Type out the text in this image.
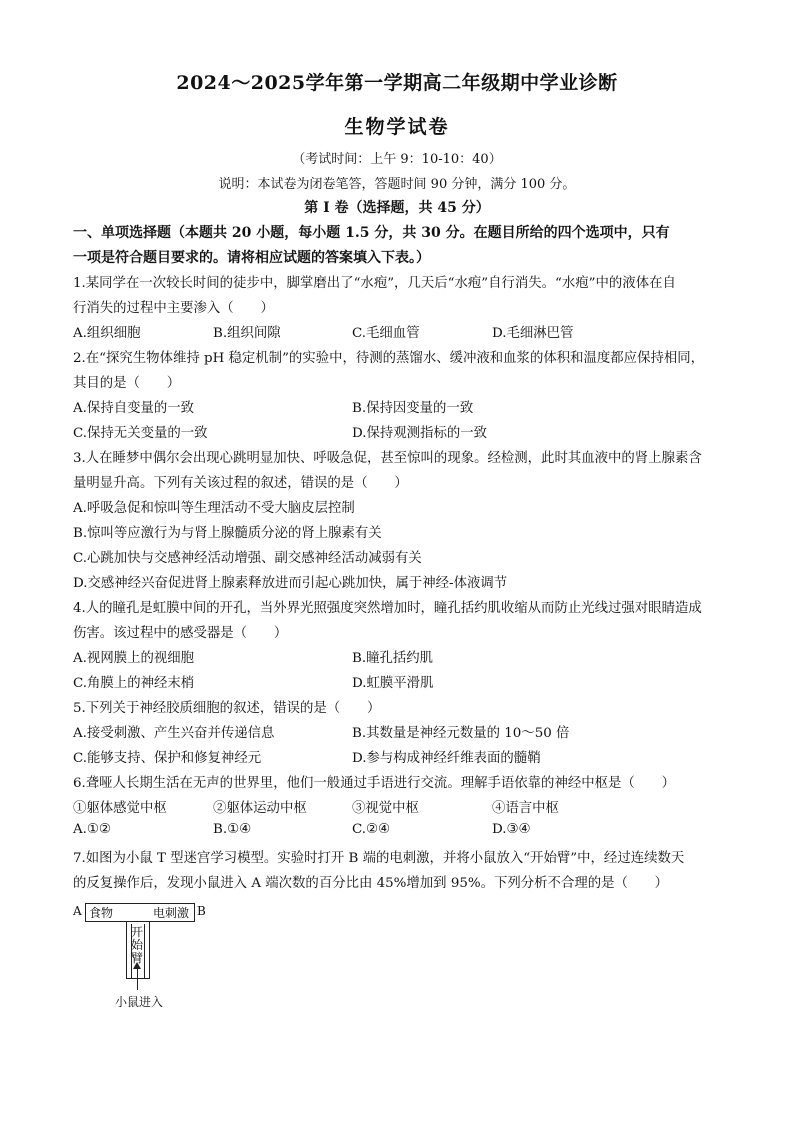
2024～2025学年第一学期高二年级期中学业诊断
生物学试卷
（考试时间：上午 9：10-10：40）
说明：本试卷为闭卷笔答，答题时间 90 分钟，满分 100 分。
第 I 卷（选择题，共 45 分）
一、单项选择题（本题共 20 小题，每小题 1.5 分，共 30 分。在题目所给的四个选项中，只有
一项是符合题目要求的。请将相应试题的答案填入下表。）
1.某同学在一次较长时间的徒步中，脚掌磨出了“水疱”，几天后“水疱”自行消失。“水疱”中的液体在自
行消失的过程中主要渗入（　　）
A.组织细胞	B.组织间隙	C.毛细血管	D.毛细淋巴管
2.在“探究生物体维持 pH 稳定机制”的实验中，待测的蒸馏水、缓冲液和血浆的体积和温度都应保持相同，
其目的是（　　）
A.保持自变量的一致	B.保持因变量的一致
C.保持无关变量的一致	D.保持观测指标的一致
3.人在睡梦中偶尔会出现心跳明显加快、呼吸急促，甚至惊叫的现象。经检测，此时其血液中的肾上腺素含
量明显升高。下列有关该过程的叙述，错误的是（　　）
A.呼吸急促和惊叫等生理活动不受大脑皮层控制
B.惊叫等应激行为与肾上腺髓质分泌的肾上腺素有关
C.心跳加快与交感神经活动增强、副交感神经活动减弱有关
D.交感神经兴奋促进肾上腺素释放进而引起心跳加快，属于神经-体液调节
4.人的瞳孔是虹膜中间的开孔，当外界光照强度突然增加时，瞳孔括约肌收缩从而防止光线过强对眼睛造成
伤害。该过程中的感受器是（　　）
A.视网膜上的视细胞	B.瞳孔括约肌
C.角膜上的神经末梢	D.虹膜平滑肌
5.下列关于神经胶质细胞的叙述，错误的是（　　）
A.接受刺激、产生兴奋并传递信息	B.其数量是神经元数量的 10～50 倍
C.能够支持、保护和修复神经元	D.参与构成神经纤维表面的髓鞘
6.聋哑人长期生活在无声的世界里，他们一般通过手语进行交流。理解手语依靠的神经中枢是（　　）
①躯体感觉中枢	②躯体运动中枢	③视觉中枢	④语言中枢
A.①②	B.①④	C.②④	D.③④
7.如图为小鼠 T 型迷宫学习模型。实验时打开 B 端的电刺激，并将小鼠放入“开始臂”中，经过连续数天
的反复操作后，发现小鼠进入 A 端次数的百分比由 45%增加到 95%。下列分析不合理的是（　　）
A	B
食物	电刺激
开
始
臂
小鼠进入
